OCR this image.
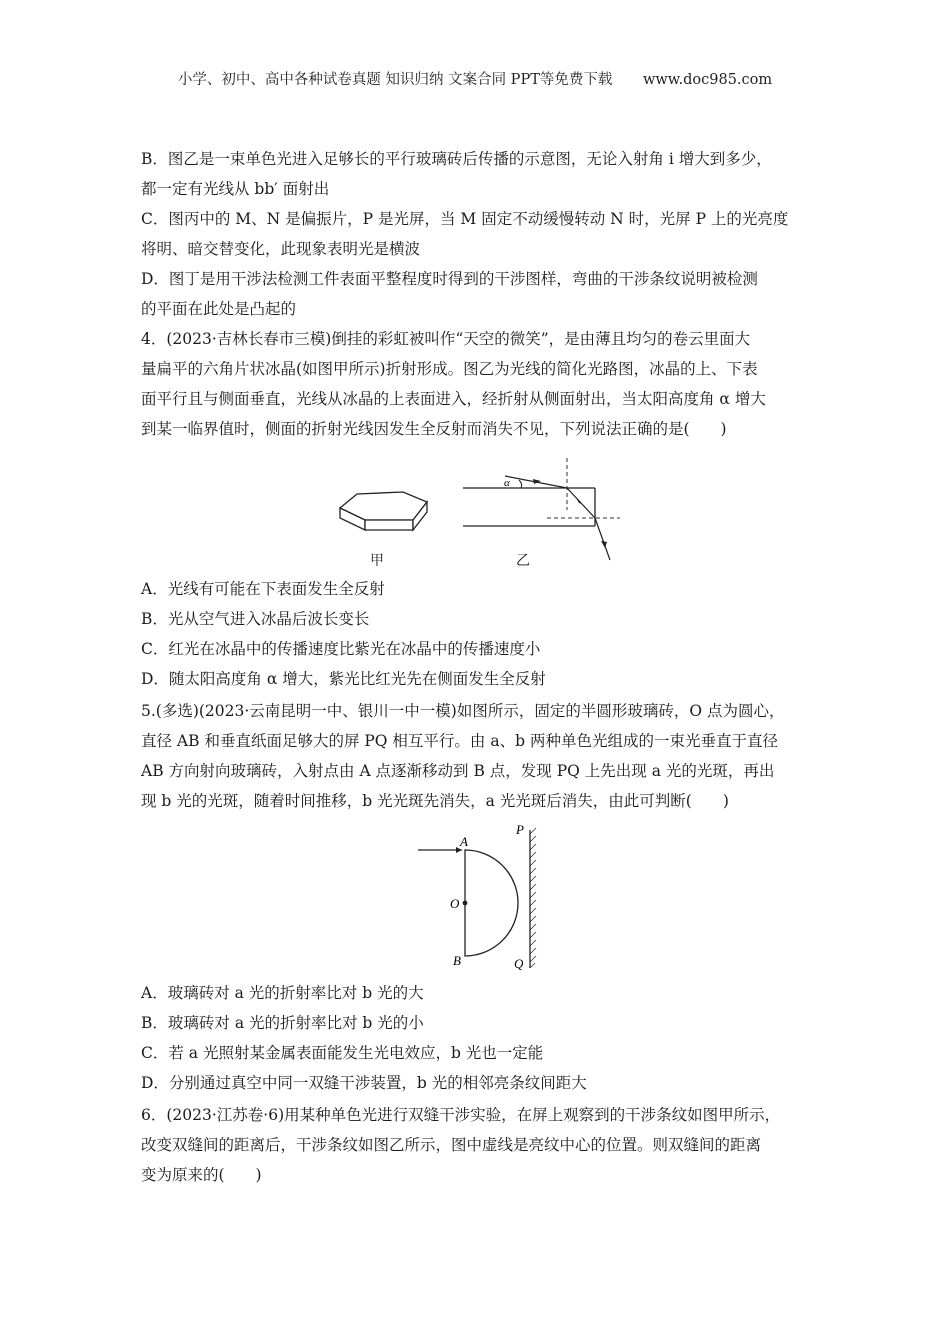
小学、初中、高中各种试卷真题 知识归纳 文案合同 PPT等免费下载 www.doc985.com
B．图乙是一束单色光进入足够长的平行玻璃砖后传播的示意图，无论入射角 i 增大到多少，
都一定有光线从 bb′ 面射出
C．图丙中的 M、N 是偏振片，P 是光屏，当 M 固定不动缓慢转动 N 时，光屏 P 上的光亮度
将明、暗交替变化，此现象表明光是横波
D．图丁是用干涉法检测工件表面平整程度时得到的干涉图样，弯曲的干涉条纹说明被检测
的平面在此处是凸起的
4．(2023·吉林长春市三模)倒挂的彩虹被叫作“天空的微笑”，是由薄且均匀的卷云里面大
量扁平的六角片状冰晶(如图甲所示)折射形成。图乙为光线的简化光路图，冰晶的上、下表
面平行且与侧面垂直，光线从冰晶的上表面进入，经折射从侧面射出，当太阳高度角 α 增大
到某一临界值时，侧面的折射光线因发生全反射而消失不见，下列说法正确的是(　　)
甲
α
乙
A．光线有可能在下表面发生全反射
B．光从空气进入冰晶后波长变长
C．红光在冰晶中的传播速度比紫光在冰晶中的传播速度小
D．随太阳高度角 α 增大，紫光比红光先在侧面发生全反射
5.(多选)(2023·云南昆明一中、银川一中一模)如图所示，固定的半圆形玻璃砖，O 点为圆心，
直径 AB 和垂直纸面足够大的屏 PQ 相互平行。由 a、b 两种单色光组成的一束光垂直于直径
AB 方向射向玻璃砖，入射点由 A 点逐渐移动到 B 点，发现 PQ 上先出现 a 光的光斑，再出
现 b 光的光斑，随着时间推移，b 光光斑先消失，a 光光斑后消失，由此可判断(　　)
A
O
B
P
Q
A．玻璃砖对 a 光的折射率比对 b 光的大
B．玻璃砖对 a 光的折射率比对 b 光的小
C．若 a 光照射某金属表面能发生光电效应，b 光也一定能
D．分别通过真空中同一双缝干涉装置，b 光的相邻亮条纹间距大
6．(2023·江苏卷·6)用某种单色光进行双缝干涉实验，在屏上观察到的干涉条纹如图甲所示，
改变双缝间的距离后，干涉条纹如图乙所示，图中虚线是亮纹中心的位置。则双缝间的距离
变为原来的(　　)
